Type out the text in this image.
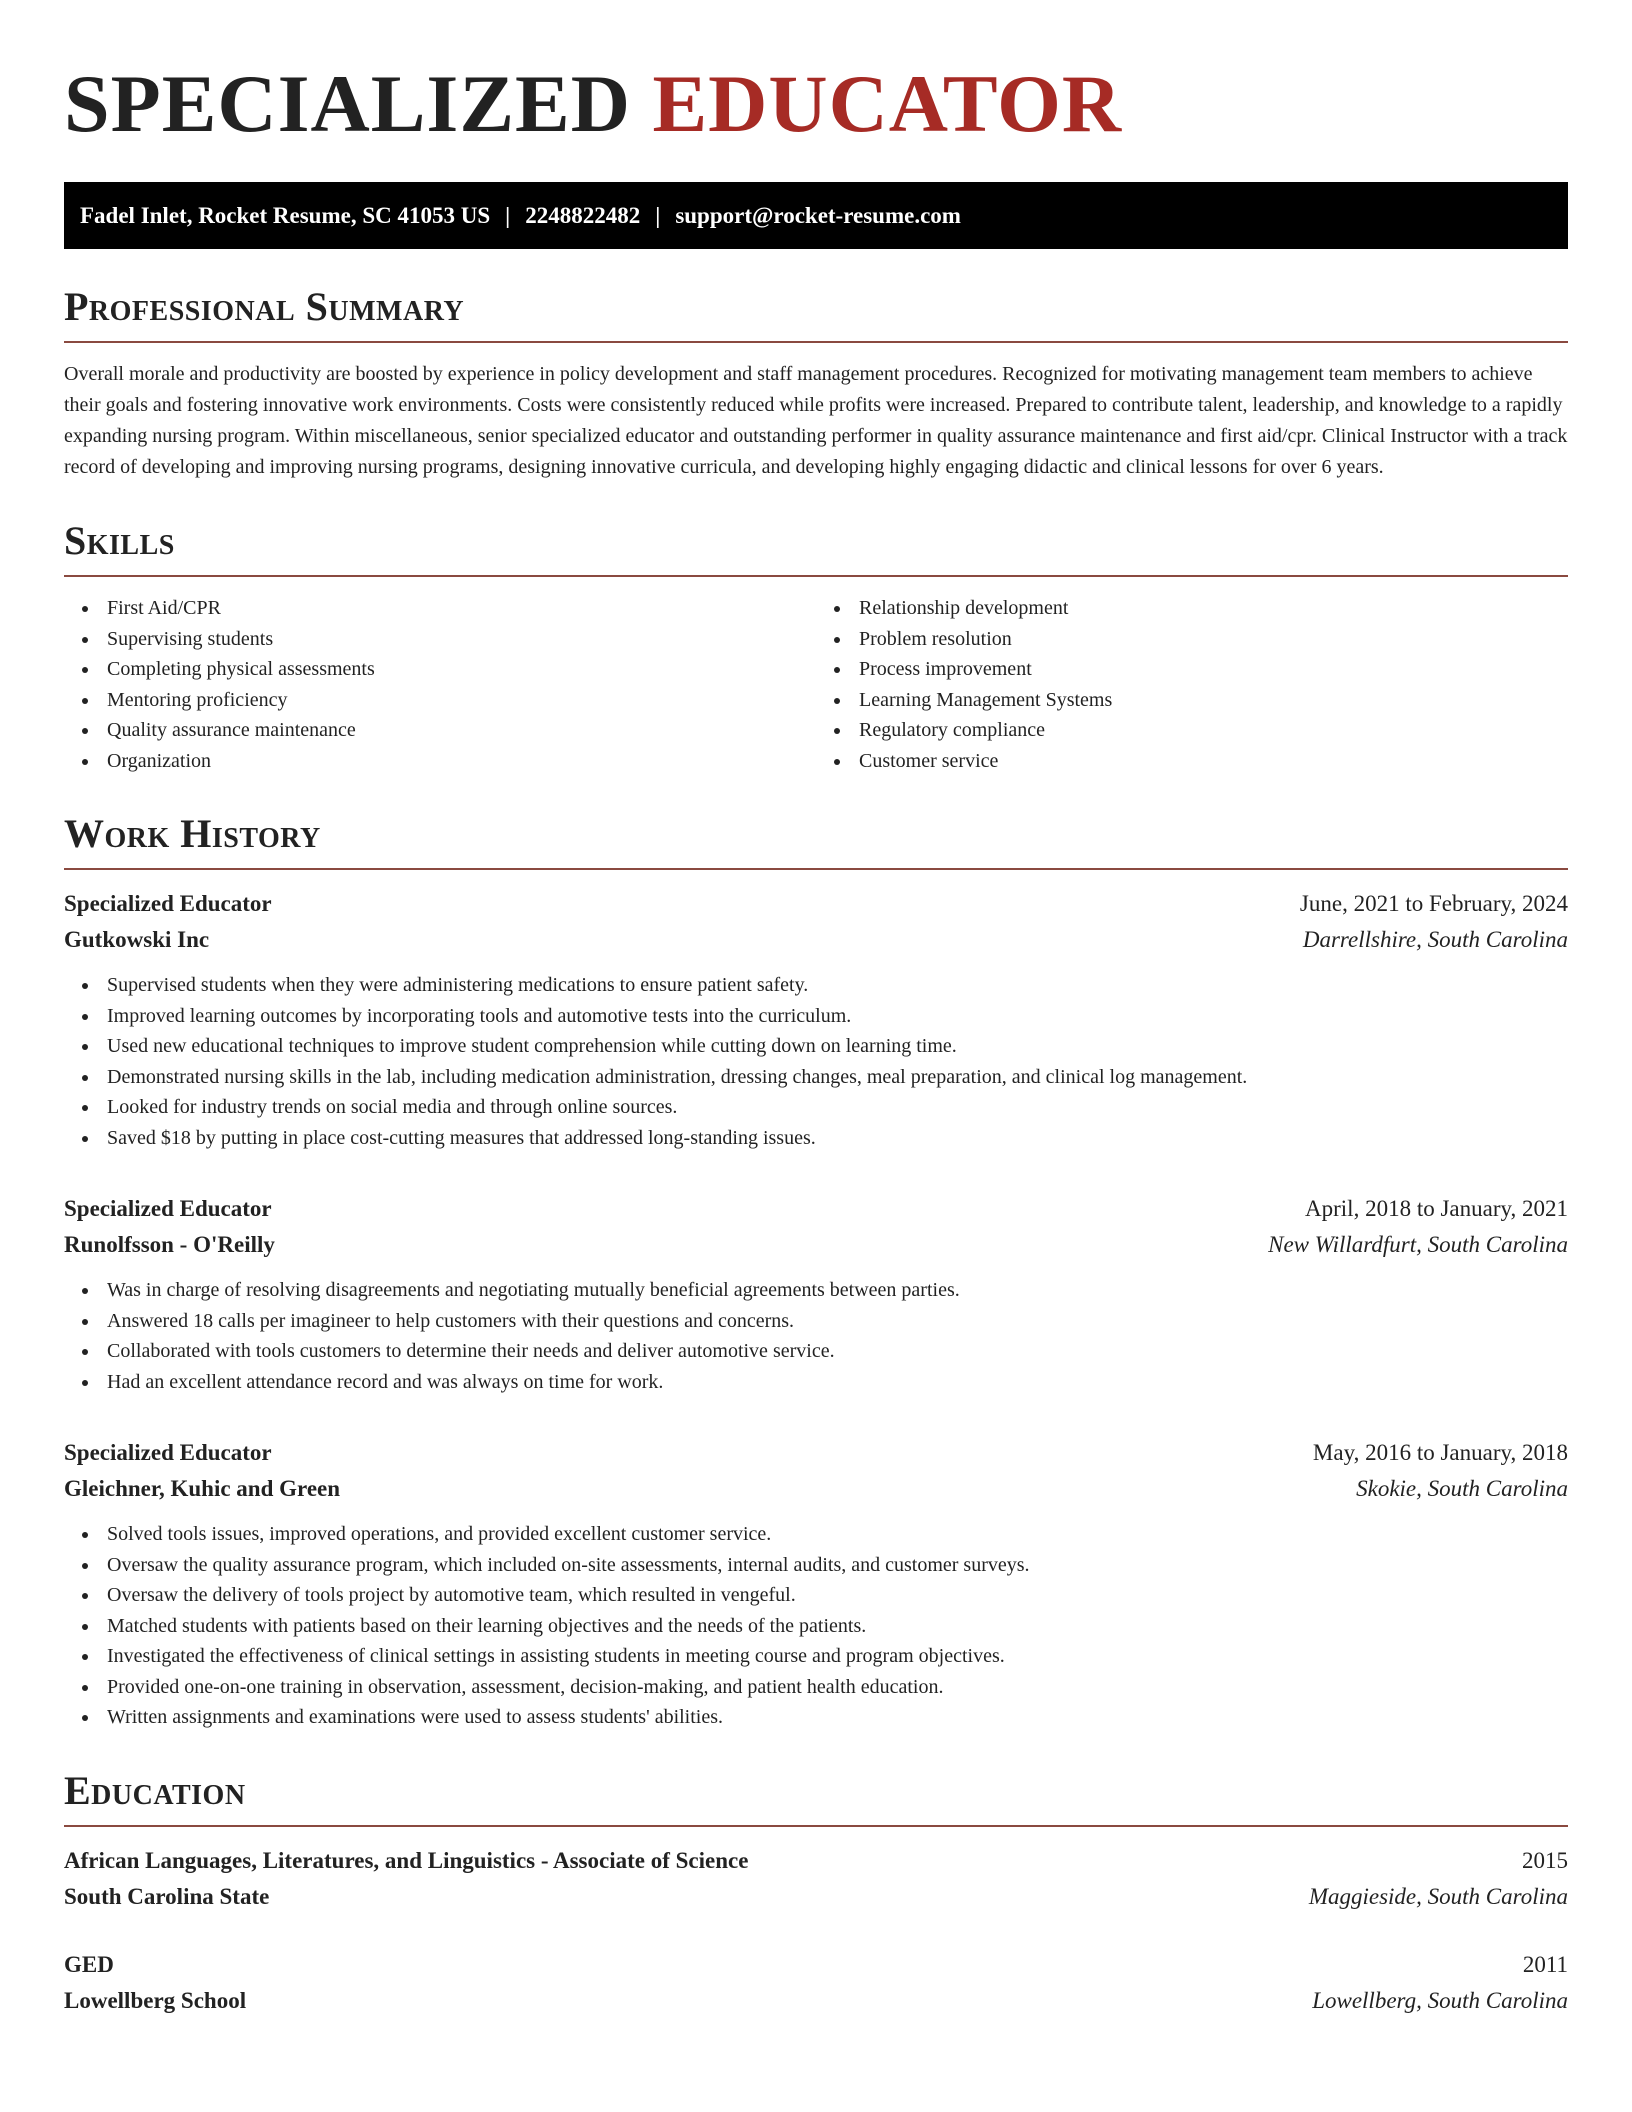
SPECIALIZED EDUCATOR
Fadel Inlet, Rocket Resume, SC 41053 US | 2248822482 | support@rocket-resume.com
Professional Summary

Overall morale and productivity are boosted by experience in policy development and staff management procedures. Recognized for motivating management team members to achieve their goals and fostering innovative work environments. Costs were consistently reduced while profits were increased. Prepared to contribute talent, leadership, and knowledge to a rapidly expanding nursing program. Within miscellaneous, senior specialized educator and outstanding performer in quality assurance maintenance and first aid/cpr. Clinical Instructor with a track record of developing and improving nursing programs, designing innovative curricula, and developing highly engaging didactic and clinical lessons for over 6 years.

Skills
First Aid/CPR
Supervising students
Completing physical assessments
Mentoring proficiency
Quality assurance maintenance
Organization
Relationship development
Problem resolution
Process improvement
Learning Management Systems
Regulatory compliance
Customer service
Work History
Specialized Educator	June, 2021 to February, 2024
Gutkowski Inc	Darrellshire, South Carolina
Supervised students when they were administering medications to ensure patient safety.
Improved learning outcomes by incorporating tools and automotive tests into the curriculum.
Used new educational techniques to improve student comprehension while cutting down on learning time.
Demonstrated nursing skills in the lab, including medication administration, dressing changes, meal preparation, and clinical log management.
Looked for industry trends on social media and through online sources.
Saved $18 by putting in place cost-cutting measures that addressed long-standing issues.
Specialized Educator	April, 2018 to January, 2021
Runolfsson - O'Reilly	New Willardfurt, South Carolina
Was in charge of resolving disagreements and negotiating mutually beneficial agreements between parties.
Answered 18 calls per imagineer to help customers with their questions and concerns.
Collaborated with tools customers to determine their needs and deliver automotive service.
Had an excellent attendance record and was always on time for work.
Specialized Educator	May, 2016 to January, 2018
Gleichner, Kuhic and Green	Skokie, South Carolina
Solved tools issues, improved operations, and provided excellent customer service.
Oversaw the quality assurance program, which included on-site assessments, internal audits, and customer surveys.
Oversaw the delivery of tools project by automotive team, which resulted in vengeful.
Matched students with patients based on their learning objectives and the needs of the patients.
Investigated the effectiveness of clinical settings in assisting students in meeting course and program objectives.
Provided one-on-one training in observation, assessment, decision-making, and patient health education.
Written assignments and examinations were used to assess students' abilities.
Education
African Languages, Literatures, and Linguistics - Associate of Science	2015
South Carolina State	Maggieside, South Carolina
GED	2011
Lowellberg School	Lowellberg, South Carolina
